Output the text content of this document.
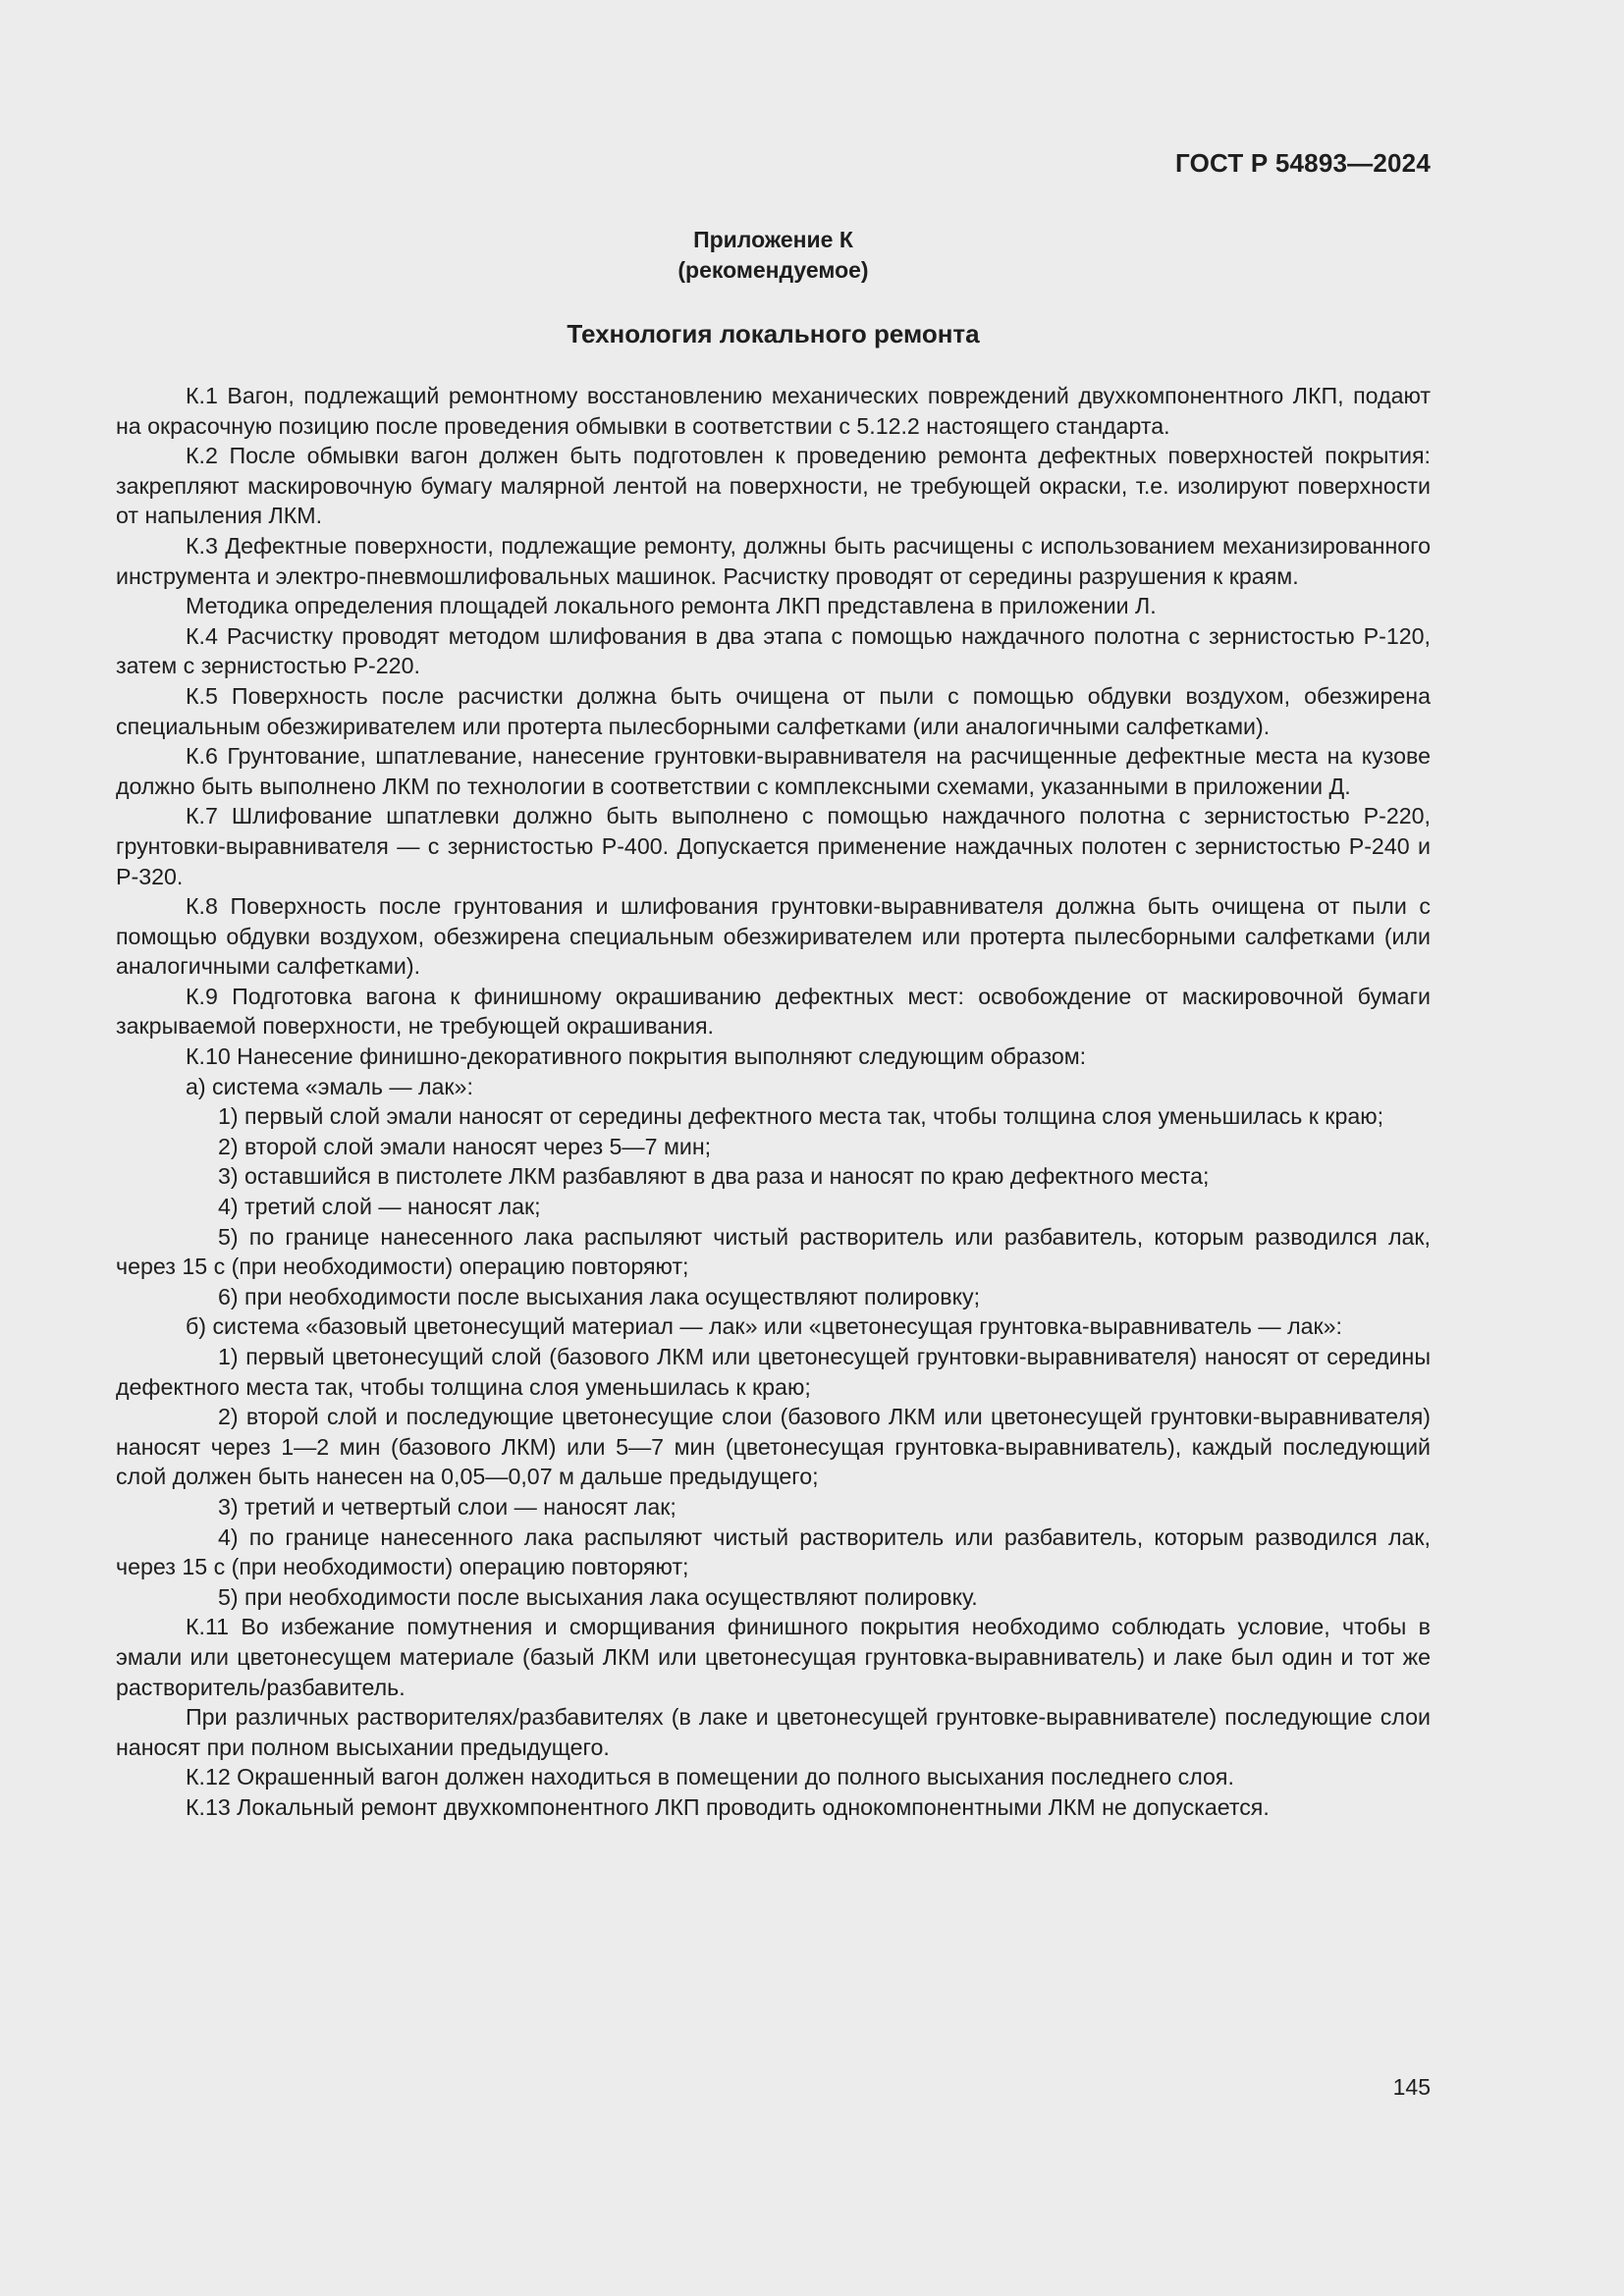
ГОСТ Р 54893—2024
Приложение К
(рекомендуемое)
Технология локального ремонта

К.1 Вагон, подлежащий ремонтному восстановлению механических повреждений двухкомпонентного ЛКП, подают на окрасочную позицию после проведения обмывки в соответствии с 5.12.2 настоящего стандарта.

К.2 После обмывки вагон должен быть подготовлен к проведению ремонта дефектных поверхностей покрытия: закрепляют маскировочную бумагу малярной лентой на поверхности, не требующей окраски, т.е. изолируют поверхности от напыления ЛКМ.

К.3 Дефектные поверхности, подлежащие ремонту, должны быть расчищены с использованием механизированного инструмента и электро-пневмошлифовальных машинок. Расчистку проводят от середины разрушения к краям.

Методика определения площадей локального ремонта ЛКП представлена в приложении Л.

К.4 Расчистку проводят методом шлифования в два этапа с помощью наждачного полотна с зернистостью Р-120, затем с зернистостью Р-220.

К.5 Поверхность после расчистки должна быть очищена от пыли с помощью обдувки воздухом, обезжирена специальным обезжиривателем или протерта пылесборными салфетками (или аналогичными салфетками).

К.6 Грунтование, шпатлевание, нанесение грунтовки-выравнивателя на расчищенные дефектные места на кузове должно быть выполнено ЛКМ по технологии в соответствии с комплексными схемами, указанными в приложении Д.

К.7 Шлифование шпатлевки должно быть выполнено с помощью наждачного полотна с зернистостью Р-220, грунтовки-выравнивателя — с зернистостью Р-400. Допускается применение наждачных полотен с зернистостью Р-240 и Р-320.

К.8 Поверхность после грунтования и шлифования грунтовки-выравнивателя должна быть очищена от пыли с помощью обдувки воздухом, обезжирена специальным обезжиривателем или протерта пылесборными салфетками (или аналогичными салфетками).

К.9 Подготовка вагона к финишному окрашиванию дефектных мест: освобождение от маскировочной бумаги закрываемой поверхности, не требующей окрашивания.

К.10 Нанесение финишно-декоративного покрытия выполняют следующим образом:

а) система «эмаль — лак»:

1) первый слой эмали наносят от середины дефектного места так, чтобы толщина слоя уменьшилась к краю;

2) второй слой эмали наносят через 5—7 мин;

3) оставшийся в пистолете ЛКМ разбавляют в два раза и наносят по краю дефектного места;

4) третий слой — наносят лак;

5) по границе нанесенного лака распыляют чистый растворитель или разбавитель, которым разводился лак, через 15 с (при необходимости) операцию повторяют;

6) при необходимости после высыхания лака осуществляют полировку;

б) система «базовый цветонесущий материал — лак» или «цветонесущая грунтовка-выравниватель — лак»:

1) первый цветонесущий слой (базового ЛКМ или цветонесущей грунтовки-выравнивателя) наносят от середины дефектного места так, чтобы толщина слоя уменьшилась к краю;

2) второй слой и последующие цветонесущие слои (базового ЛКМ или цветонесущей грунтовки-выравнивателя) наносят через 1—2 мин (базового ЛКМ) или 5—7 мин (цветонесущая грунтовка-выравниватель), каждый последующий слой должен быть нанесен на 0,05—0,07 м дальше предыдущего;

3) третий и четвертый слои — наносят лак;

4) по границе нанесенного лака распыляют чистый растворитель или разбавитель, которым разводился лак, через 15 с (при необходимости) операцию повторяют;

5) при необходимости после высыхания лака осуществляют полировку.

К.11 Во избежание помутнения и сморщивания финишного покрытия необходимо соблюдать условие, чтобы в эмали или цветонесущем материале (базый ЛКМ или цветонесущая грунтовка-выравниватель) и лаке был один и тот же растворитель/разбавитель.

При различных растворителях/разбавителях (в лаке и цветонесущей грунтовке-выравнивателе) последующие слои наносят при полном высыхании предыдущего.

К.12 Окрашенный вагон должен находиться в помещении до полного высыхания последнего слоя.

К.13 Локальный ремонт двухкомпонентного ЛКП проводить однокомпонентными ЛКМ не допускается.

145
